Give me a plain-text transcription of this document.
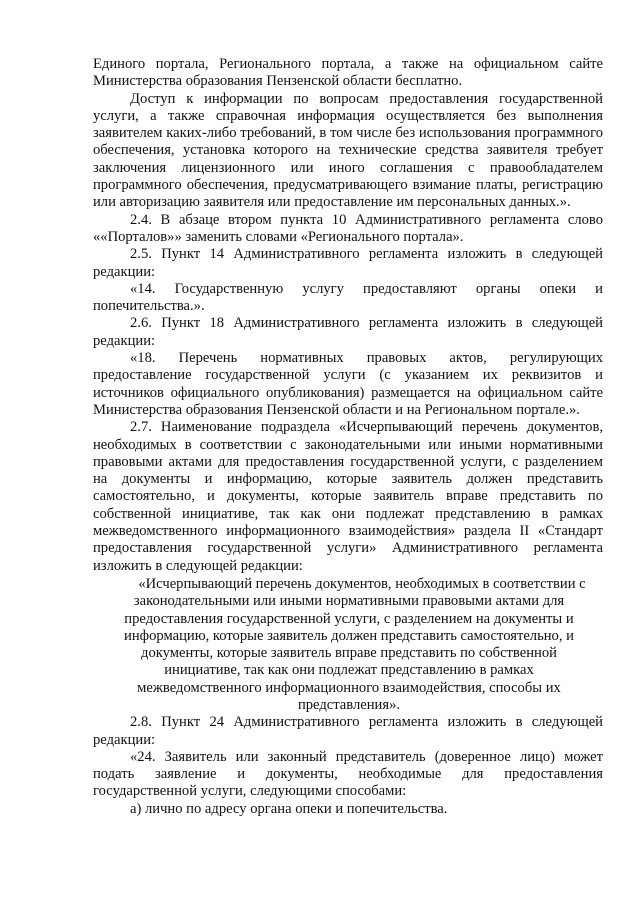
Единого портала, Регионального портала, а также на официальном сайте Министерства образования Пензенской области бесплатно.

Доступ к информации по вопросам предоставления государственной услуги, а также справочная информация осуществляется без выполнения заявителем каких-либо требований, в том числе без использования программного обеспечения, установка которого на технические средства заявителя требует заключения лицензионного или иного соглашения с правообладателем программного обеспечения, предусматривающего взимание платы, регистрацию или авторизацию заявителя или предоставление им персональных данных.».

2.4. В абзаце втором пункта 10 Административного регламента слово ««Порталов»» заменить словами «Регионального портала».

2.5. Пункт 14 Административного регламента изложить в следующей редакции:

«14. Государственную услугу предоставляют органы опеки и попечительства.».

2.6. Пункт 18 Административного регламента изложить в следующей редакции:

«18. Перечень нормативных правовых актов, регулирующих предоставление государственной услуги (с указанием их реквизитов и источников официального опубликования) размещается на официальном сайте Министерства образования Пензенской области и на Региональном портале.».

2.7. Наименование подраздела «Исчерпывающий перечень документов, необходимых в соответствии с законодательными или иными нормативными правовыми актами для предоставления государственной услуги, с разделением на документы и информацию, которые заявитель должен представить самостоятельно, и документы, которые заявитель вправе представить по собственной инициативе, так как они подлежат представлению в рамках межведомственного информационного взаимодействия» раздела II «Стандарт предоставления государственной услуги» Административного регламента изложить в следующей редакции:

«Исчерпывающий перечень документов, необходимых в соответствии с законодательными или иными нормативными правовыми актами для предоставления государственной услуги, с разделением на документы и информацию, которые заявитель должен представить самостоятельно, и документы, которые заявитель вправе представить по собственной инициативе, так как они подлежат представлению в рамках межведомственного информационного взаимодействия, способы их представления».

2.8. Пункт 24 Административного регламента изложить в следующей редакции:

«24. Заявитель или законный представитель (доверенное лицо) может подать заявление и документы, необходимые для предоставления государственной услуги, следующими способами:

а) лично по адресу органа опеки и попечительства.
